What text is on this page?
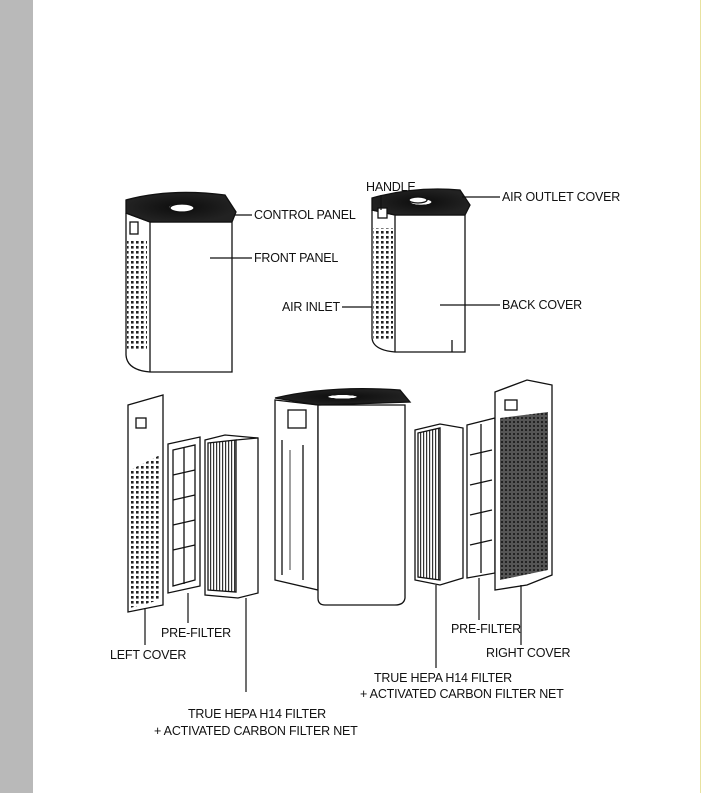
CONTROL PANEL
FRONT PANEL
HANDLE
AIR OUTLET COVER
AIR INLET	BACK COVER
PRE-FILTER
LEFT COVER
TRUE HEPA H14 FILTER
+ ACTIVATED CARBON FILTER NET
PRE-FILTER
RIGHT COVER
TRUE HEPA H14 FILTER
+ ACTIVATED CARBON FILTER NET
